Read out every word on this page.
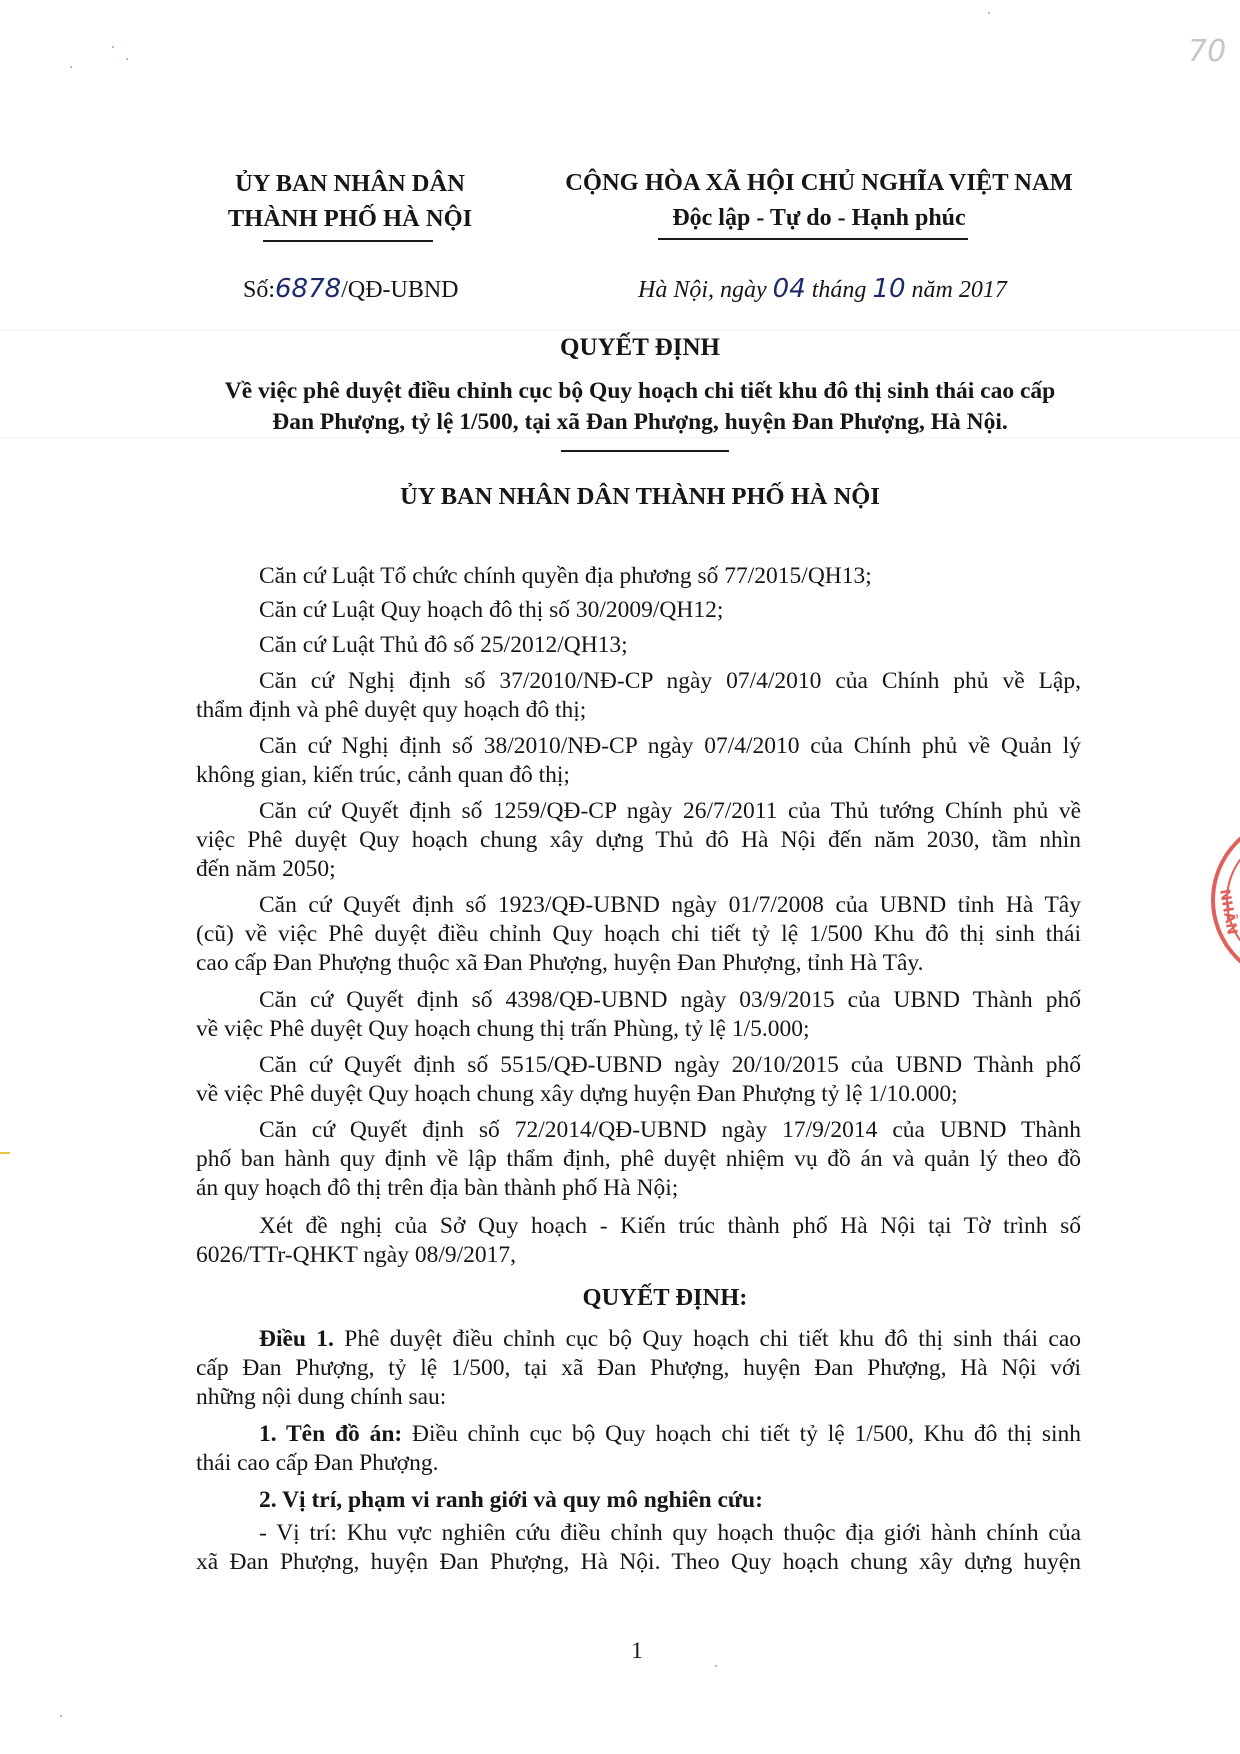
70
NHÂN
ỦY BAN NHÂN DÂN
THÀNH PHỐ HÀ NỘI
CỘNG HÒA XÃ HỘI CHỦ NGHĨA VIỆT NAM
Độc lập - Tự do - Hạnh phúc
Số:6878/QĐ-UBND	Hà Nội, ngày 04 tháng 10 năm 2017
QUYẾT ĐỊNH
Về việc phê duyệt điều chỉnh cục bộ Quy hoạch chi tiết khu đô thị sinh thái cao cấp
Đan Phượng, tỷ lệ 1/500, tại xã Đan Phượng, huyện Đan Phượng, Hà Nội.
ỦY BAN NHÂN DÂN THÀNH PHỐ HÀ NỘI
Căn cứ Luật Tổ chức chính quyền địa phương số 77/2015/QH13;
Căn cứ Luật Quy hoạch đô thị số 30/2009/QH12;
Căn cứ Luật Thủ đô số 25/2012/QH13;
Căn cứ Nghị định số 37/2010/NĐ-CP ngày 07/4/2010 của Chính phủ về Lập,
thẩm định và phê duyệt quy hoạch đô thị;
Căn cứ Nghị định số 38/2010/NĐ-CP ngày 07/4/2010 của Chính phủ về Quản lý
không gian, kiến trúc, cảnh quan đô thị;
Căn cứ Quyết định số 1259/QĐ-CP ngày 26/7/2011 của Thủ tướng Chính phủ về
việc Phê duyệt Quy hoạch chung xây dựng Thủ đô Hà Nội đến năm 2030, tầm nhìn
đến năm 2050;
Căn cứ Quyết định số 1923/QĐ-UBND ngày 01/7/2008 của UBND tỉnh Hà Tây
(cũ) về việc Phê duyệt điều chỉnh Quy hoạch chi tiết tỷ lệ 1/500 Khu đô thị sinh thái
cao cấp Đan Phượng thuộc xã Đan Phượng, huyện Đan Phượng, tỉnh Hà Tây.
Căn cứ Quyết định số 4398/QĐ-UBND ngày 03/9/2015 của UBND Thành phố
về việc Phê duyệt Quy hoạch chung thị trấn Phùng, tỷ lệ 1/5.000;
Căn cứ Quyết định số 5515/QĐ-UBND ngày 20/10/2015 của UBND Thành phố
về việc Phê duyệt Quy hoạch chung xây dựng huyện Đan Phượng tỷ lệ 1/10.000;
Căn cứ Quyết định số 72/2014/QĐ-UBND ngày 17/9/2014 của UBND Thành
phố ban hành quy định về lập thẩm định, phê duyệt nhiệm vụ đồ án và quản lý theo đồ
án quy hoạch đô thị trên địa bàn thành phố Hà Nội;
Xét đề nghị của Sở Quy hoạch - Kiến trúc thành phố Hà Nội tại Tờ trình số
6026/TTr-QHKT ngày 08/9/2017,
QUYẾT ĐỊNH:
Điều 1. Phê duyệt điều chỉnh cục bộ Quy hoạch chi tiết khu đô thị sinh thái cao
cấp Đan Phượng, tỷ lệ 1/500, tại xã Đan Phượng, huyện Đan Phượng, Hà Nội với
những nội dung chính sau:
1. Tên đồ án: Điều chỉnh cục bộ Quy hoạch chi tiết tỷ lệ 1/500, Khu đô thị sinh
thái cao cấp Đan Phượng.
2. Vị trí, phạm vi ranh giới và quy mô nghiên cứu:
- Vị trí: Khu vực nghiên cứu điều chỉnh quy hoạch thuộc địa giới hành chính của
xã Đan Phượng, huyện Đan Phượng, Hà Nội. Theo Quy hoạch chung xây dựng huyện
1
